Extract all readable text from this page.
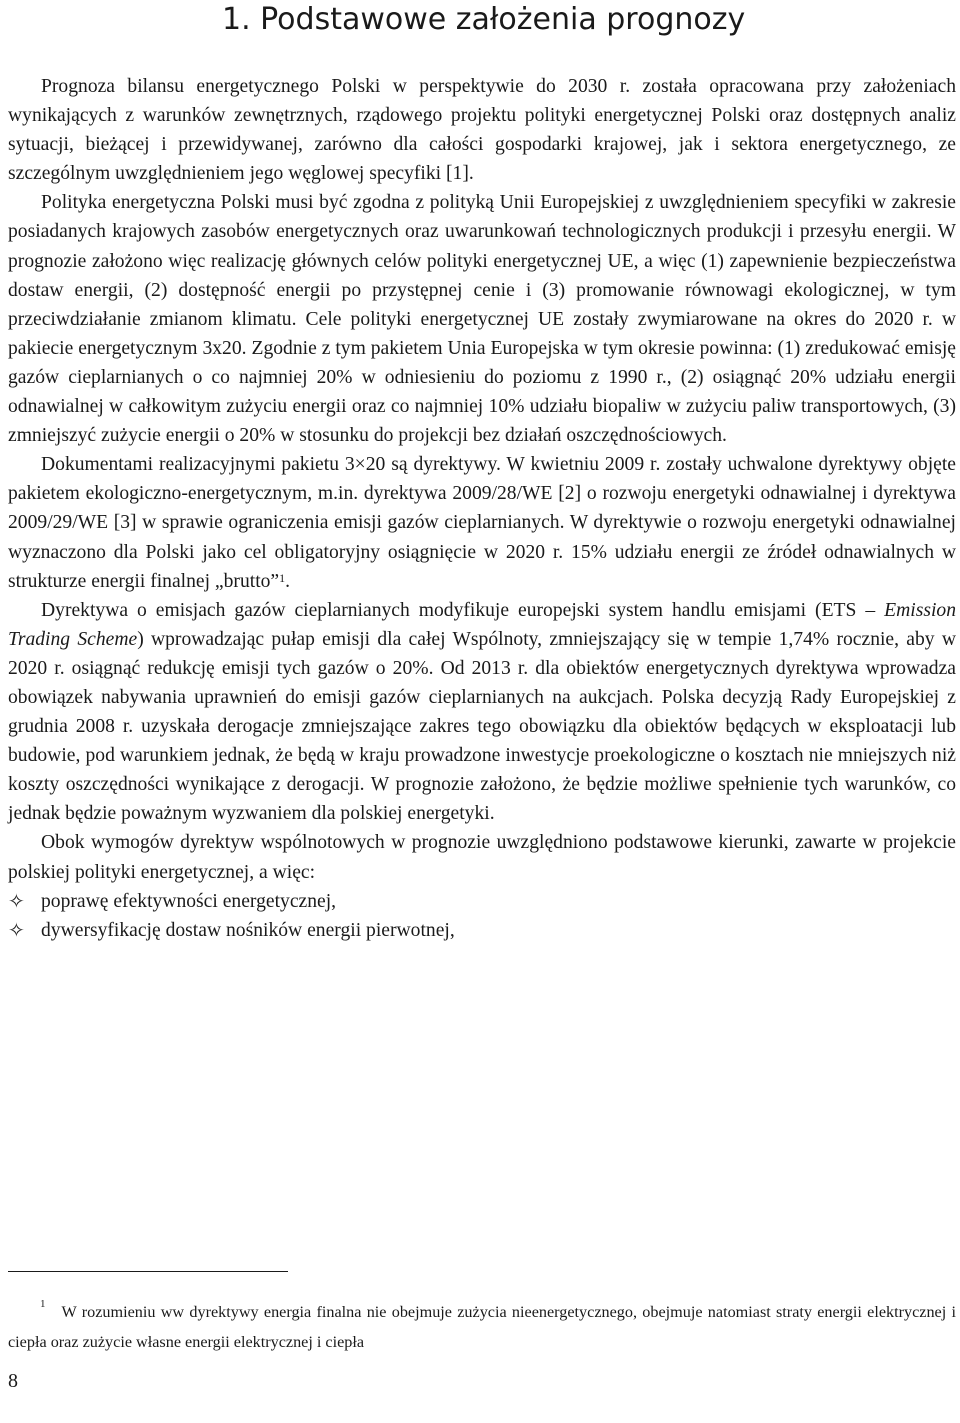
1. Podstawowe założenia prognozy

Prognoza bilansu energetycznego Polski w perspektywie do 2030 r. została opracowana przy założeniach wynikających z warunków zewnętrznych, rządowego projektu polityki energetycznej Polski oraz dostępnych analiz sytuacji, bieżącej i przewidywanej, zarówno dla całości gospodarki krajowej, jak i sektora energetycznego, ze szczególnym uwzględnieniem jego węglowej specyfiki [1].

Polityka energetyczna Polski musi być zgodna z polityką Unii Europejskiej z uwzględnieniem specyfiki w zakresie posiadanych krajowych zasobów energetycznych oraz uwarunkowań technologicznych produkcji i przesyłu energii. W prognozie założono więc realizację głównych celów polityki energetycznej UE, a więc (1) zapewnienie bezpieczeństwa dostaw energii, (2) dostępność energii po przystępnej cenie i (3) promowanie równowagi ekologicznej, w tym przeciwdziałanie zmianom klimatu. Cele polityki energetycznej UE zostały zwymiarowane na okres do 2020 r. w pakiecie energetycznym 3x20. Zgodnie z tym pakietem Unia Europejska w tym okresie powinna: (1) zredukować emisję gazów cieplarnianych o co najmniej 20% w odniesieniu do poziomu z 1990 r., (2) osiągnąć 20% udziału energii odnawialnej w całkowitym zużyciu energii oraz co najmniej 10% udziału biopaliw w zużyciu paliw transportowych, (3) zmniejszyć zużycie energii o 20% w stosunku do projekcji bez działań oszczędnościowych.

Dokumentami realizacyjnymi pakietu 3×20 są dyrektywy. W kwietniu 2009 r. zostały uchwalone dyrektywy objęte pakietem ekologiczno-energetycznym, m.in. dyrektywa 2009/28/WE [2] o rozwoju energetyki odnawialnej i dyrektywa 2009/29/WE [3] w sprawie ograniczenia emisji gazów cieplarnianych. W dyrektywie o rozwoju energetyki odnawialnej wyznaczono dla Polski jako cel obligatoryjny osiągnięcie w 2020 r. 15% udziału energii ze źródeł odnawialnych w strukturze energii finalnej „brutto”$^1$.

Dyrektywa o emisjach gazów cieplarnianych modyfikuje europejski system handlu emisjami (ETS – Emission Trading Scheme) wprowadzając pułap emisji dla całej Wspólnoty, zmniejszający się w tempie 1,74% rocznie, aby w 2020 r. osiągnąć redukcję emisji tych gazów o 20%. Od 2013 r. dla obiektów energetycznych dyrektywa wprowadza obowiązek nabywania uprawnień do emisji gazów cieplarnianych na aukcjach. Polska decyzją Rady Europejskiej z grudnia 2008 r. uzyskała derogacje zmniejszające zakres tego obowiązku dla obiektów będących w eksploatacji lub budowie, pod warunkiem jednak, że będą w kraju prowadzone inwestycje proekologiczne o kosztach nie mniejszych niż koszty oszczędności wynikające z derogacji. W prognozie założono, że będzie możliwe spełnienie tych warunków, co jednak będzie poważnym wyzwaniem dla polskiej energetyki.

Obok wymogów dyrektyw wspólnotowych w prognozie uwzględniono podstawowe kierunki, zawarte w projekcie polskiej polityki energetycznej, a więc:

✧ poprawę efektywności energetycznej,
✧ dywersyfikację dostaw nośników energii pierwotnej,
$^1$ W rozumieniu ww dyrektywy energia finalna nie obejmuje zużycia nieenergetycznego, obejmuje natomiast straty energii elektrycznej i ciepła oraz zużycie własne energii elektrycznej i ciepła
8
